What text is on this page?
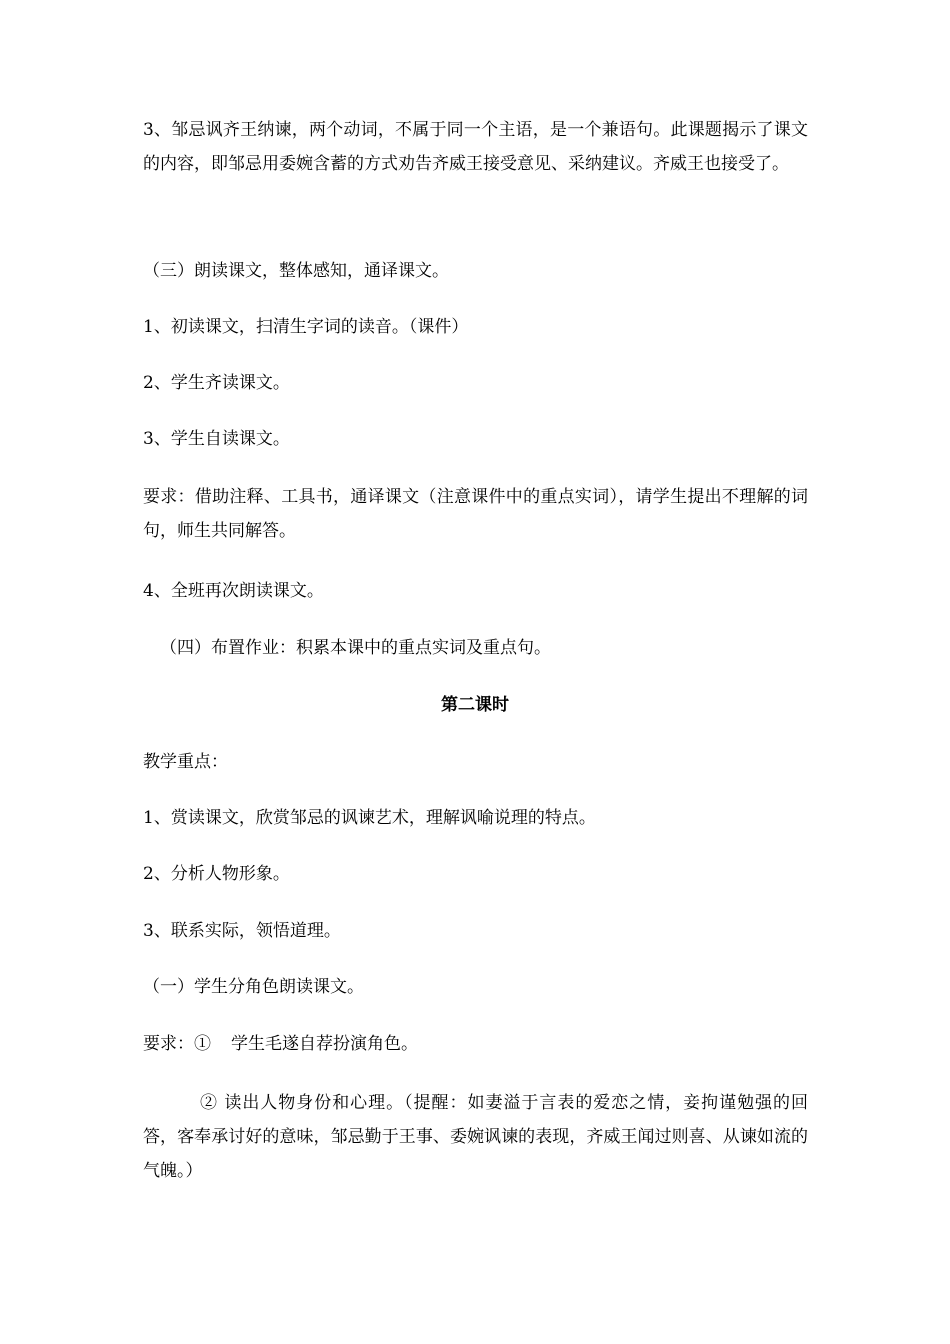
3、邹忌讽齐王纳谏，两个动词，不属于同一个主语，是一个兼语句。此课题揭示了课文的内容，即邹忌用委婉含蓄的方式劝告齐威王接受意见、采纳建议。齐威王也接受了。
（三）朗读课文，整体感知，通译课文。
1、初读课文，扫清生字词的读音。（课件）
2、学生齐读课文。
3、学生自读课文。
要求：借助注释、工具书，通译课文（注意课件中的重点实词），请学生提出不理解的词句，师生共同解答。
4、全班再次朗读课文。
（四）布置作业：积累本课中的重点实词及重点句。
第二课时
教学重点：
1、赏读课文，欣赏邹忌的讽谏艺术，理解讽喻说理的特点。
2、分析人物形象。
3、联系实际，领悟道理。
（一）学生分角色朗读课文。
要求：① 学生毛遂自荐扮演角色。
② 读出人物身份和心理。（提醒：如妻溢于言表的爱恋之情，妾拘谨勉强的回答，客奉承讨好的意味，邹忌勤于王事、委婉讽谏的表现，齐威王闻过则喜、从谏如流的气魄。）
